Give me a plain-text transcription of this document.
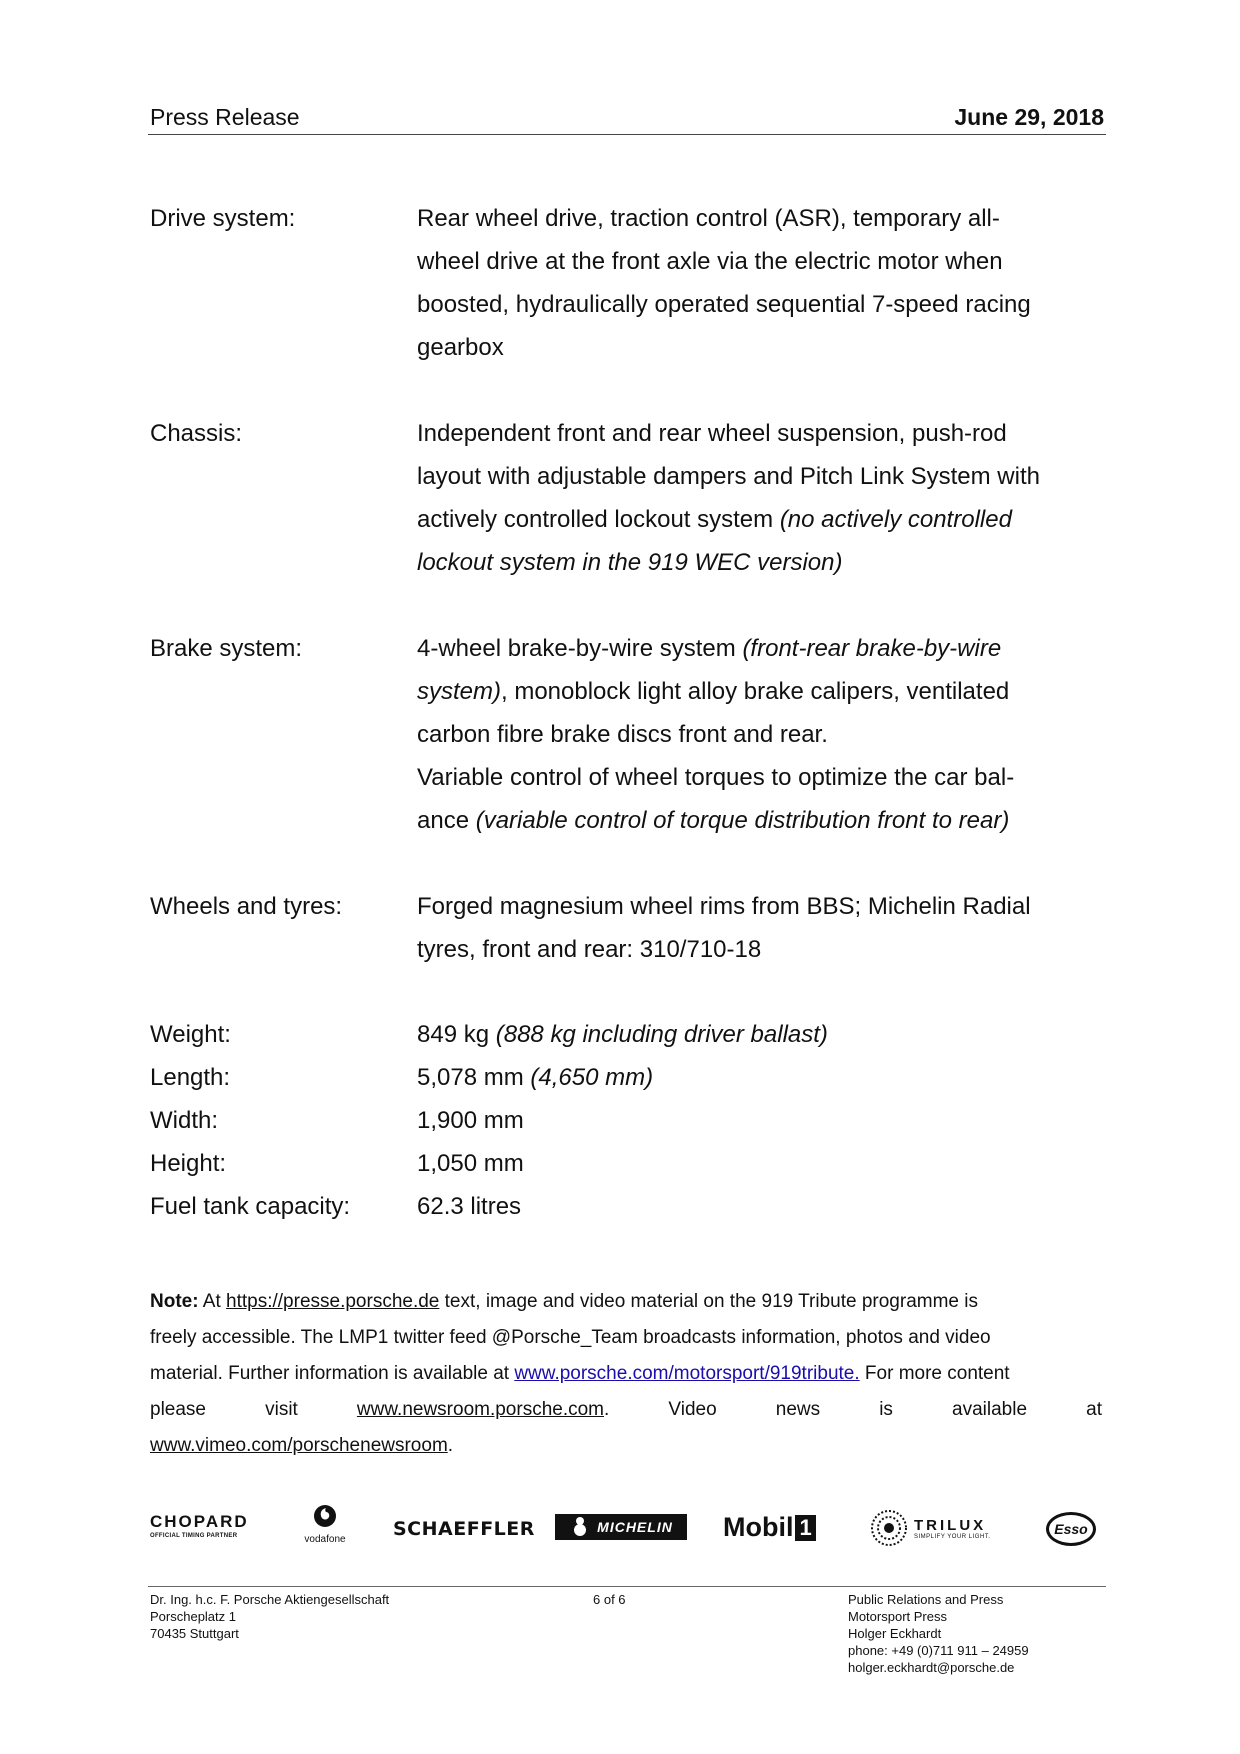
Press Release	June 29, 2018
Drive system:	Rear wheel drive, traction control (ASR), temporary all-
wheel drive at the front axle via the electric motor when
boosted, hydraulically operated sequential 7-speed racing
gearbox
Chassis:	Independent front and rear wheel suspension, push-rod
layout with adjustable dampers and Pitch Link System with
actively controlled lockout system (no actively controlled
lockout system in the 919 WEC version)
Brake system:	4-wheel brake-by-wire system (front-rear brake-by-wire
system), monoblock light alloy brake calipers, ventilated
carbon fibre brake discs front and rear.
Variable control of wheel torques to optimize the car bal-
ance (variable control of torque distribution front to rear)
Wheels and tyres:	Forged magnesium wheel rims from BBS; Michelin Radial
tyres, front and rear: 310/710-18
Weight:	849 kg (888 kg including driver ballast)
Length:	5,078 mm (4,650 mm)
Width:	1,900 mm
Height:	1,050 mm
Fuel tank capacity:	62.3 litres
Note: At https://presse.porsche.de text, image and video material on the 919 Tribute programme is
freely accessible. The LMP1 twitter feed @Porsche_Team broadcasts information, photos and video
material. Further information is available at www.porsche.com/motorsport/919tribute. For more content
please	visit	www.newsroom.porsche.com.	Video	news	is	available	at
www.vimeo.com/porschenewsroom.
CHOPARD
OFFICIAL TIMING PARTNER	vodafone SCHAEFFLER	MICHELIN Mobil 1	TRILUX
SIMPLIFY YOUR LIGHT.	Esso
Dr. Ing. h.c. F. Porsche Aktiengesellschaft
Porscheplatz 1
70435 Stuttgart
6 of 6	Public Relations and Press
Motorsport Press
Holger Eckhardt
phone: +49 (0)711 911 – 24959
holger.eckhardt@porsche.de
